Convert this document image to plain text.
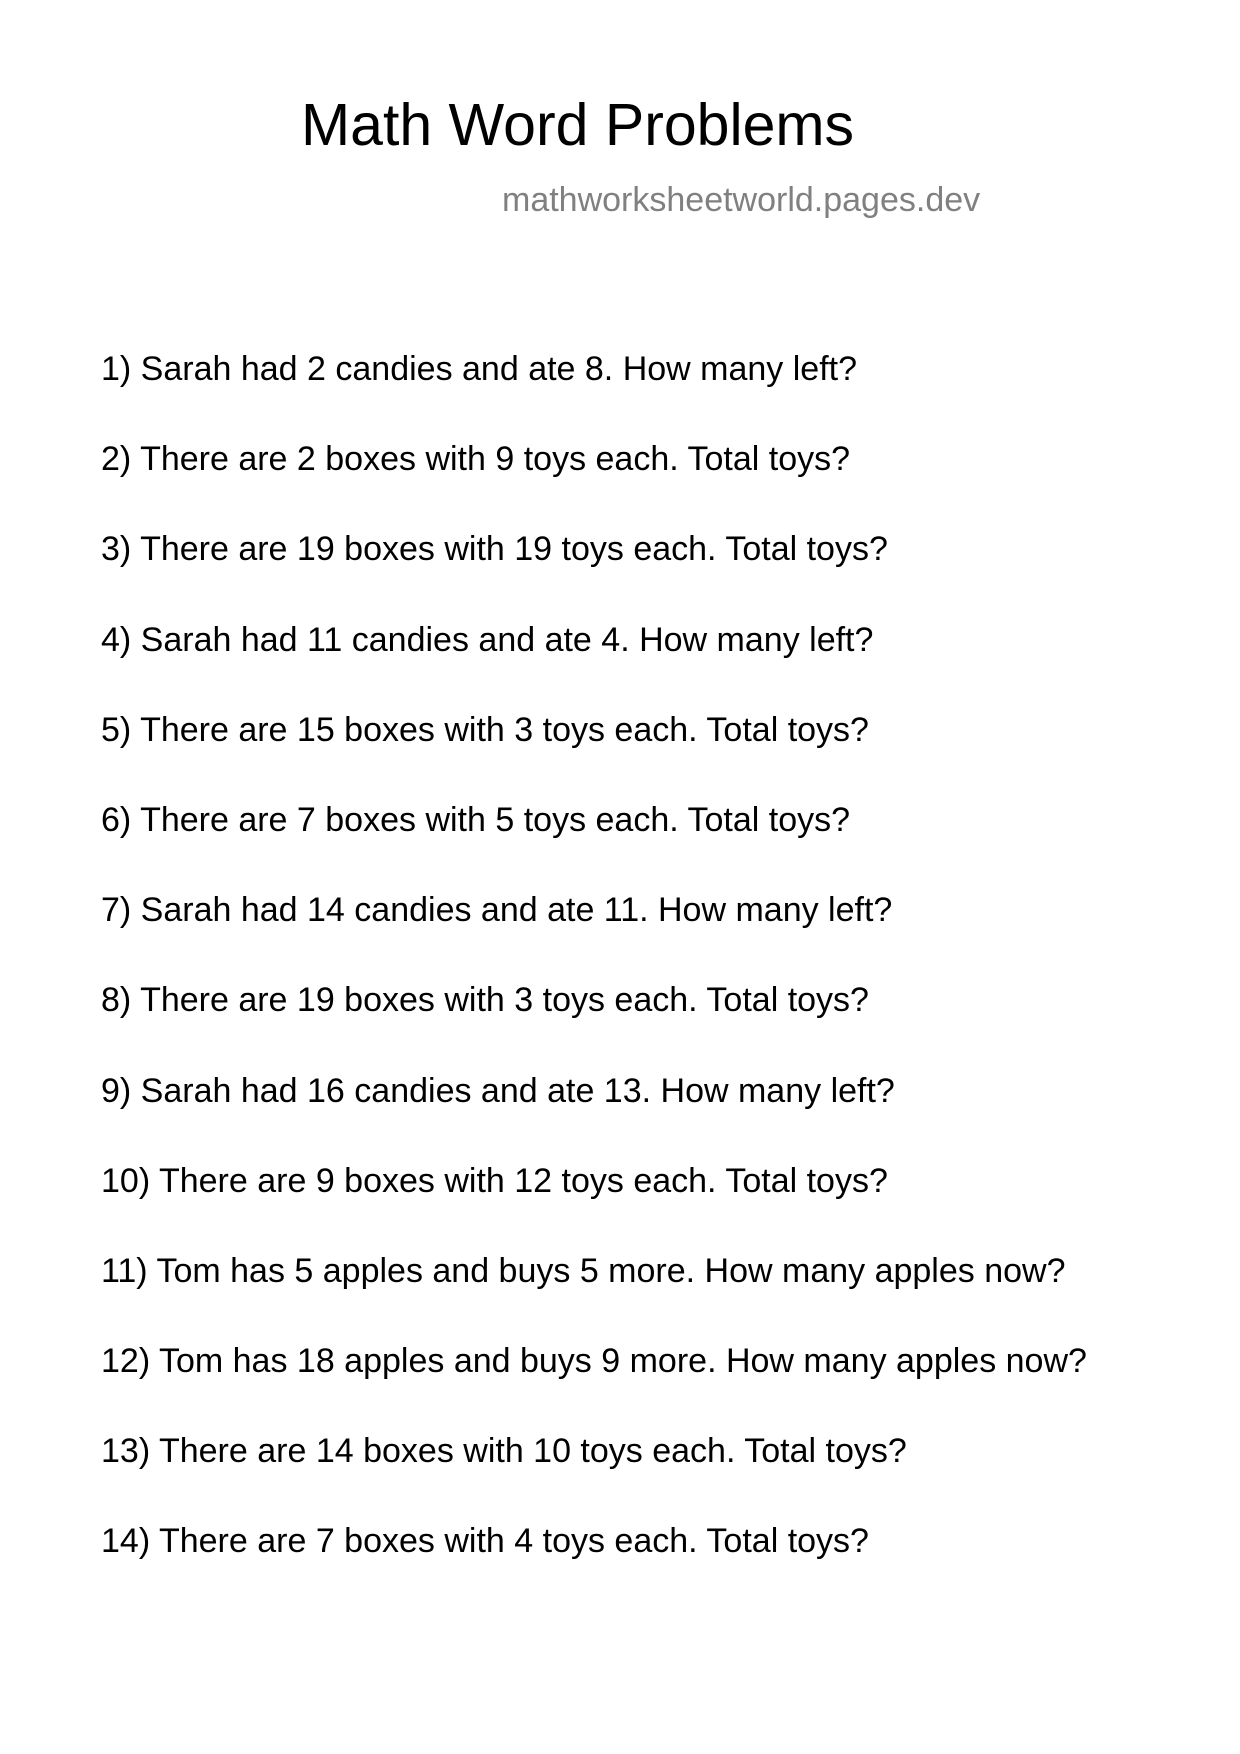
Math Word Problems
mathworksheetworld.pages.dev
1) Sarah had 2 candies and ate 8. How many left?
2) There are 2 boxes with 9 toys each. Total toys?
3) There are 19 boxes with 19 toys each. Total toys?
4) Sarah had 11 candies and ate 4. How many left?
5) There are 15 boxes with 3 toys each. Total toys?
6) There are 7 boxes with 5 toys each. Total toys?
7) Sarah had 14 candies and ate 11. How many left?
8) There are 19 boxes with 3 toys each. Total toys?
9) Sarah had 16 candies and ate 13. How many left?
10) There are 9 boxes with 12 toys each. Total toys?
11) Tom has 5 apples and buys 5 more. How many apples now?
12) Tom has 18 apples and buys 9 more. How many apples now?
13) There are 14 boxes with 10 toys each. Total toys?
14) There are 7 boxes with 4 toys each. Total toys?
